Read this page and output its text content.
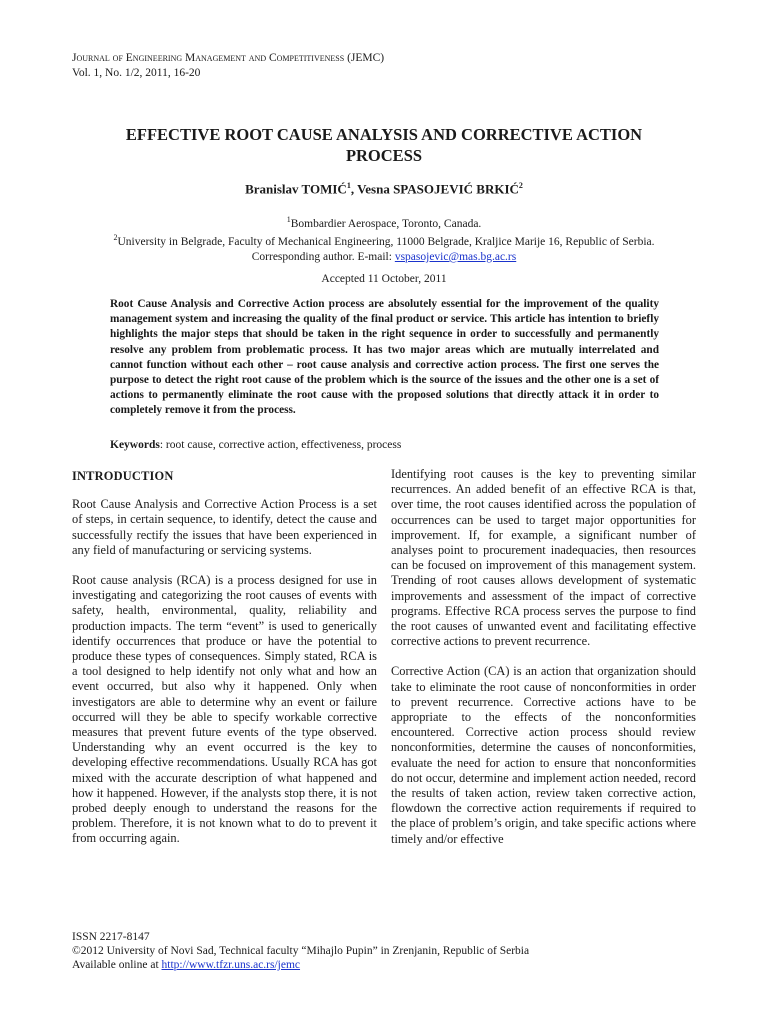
Journal of Engineering Management and Competitiveness (JEMC)
Vol. 1, No. 1/2, 2011, 16-20
EFFECTIVE ROOT CAUSE ANALYSIS AND CORRECTIVE ACTION
PROCESS
Branislav TOMIĆ$^1$, Vesna SPASOJEVIĆ BRKIĆ$^2$
$^1$Bombardier Aerospace, Toronto, Canada.
$^2$University in Belgrade, Faculty of Mechanical Engineering, 11000 Belgrade, Kraljice Marije 16, Republic of Serbia.
Corresponding author. E-mail: vspasojevic@mas.bg.ac.rs
Accepted 11 October, 2011

Root Cause Analysis and Corrective Action process are absolutely essential for the improvement of the quality management system and increasing the quality of the final product or service. This article has intention to briefly highlights the major steps that should be taken in the right sequence in order to successfully and permanently resolve any problem from problematic process. It has two major areas which are mutually interrelated and cannot function without each other – root cause analysis and corrective action process. The first one serves the purpose to detect the right root cause of the problem which is the source of the issues and the other one is a set of actions to permanently eliminate the root cause with the proposed solutions that directly attack it in order to completely remove it from the process.

Keywords: root cause, corrective action, effectiveness, process

INTRODUCTION

Root Cause Analysis and Corrective Action Process is a set of steps, in certain sequence, to identify, detect the cause and successfully rectify the issues that have been experienced in any field of manufacturing or servicing systems.

Root cause analysis (RCA) is a process designed for use in investigating and categorizing the root causes of events with safety, health, environmental, quality, reliability and production impacts. The term “event” is used to generically identify occurrences that produce or have the potential to produce these types of consequences. Simply stated, RCA is a tool designed to help identify not only what and how an event occurred, but also why it happened. Only when investigators are able to determine why an event or failure occurred will they be able to specify workable corrective measures that prevent future events of the type observed. Understanding why an event occurred is the key to developing effective recommendations. Usually RCA has got mixed with the accurate description of what happened and how it happened. However, if the analysts stop there, it is not probed deeply enough to understand the reasons for the problem. Therefore, it is not known what to do to prevent it from occurring again.

Identifying root causes is the key to preventing similar recurrences. An added benefit of an effective RCA is that, over time, the root causes identified across the population of occurrences can be used to target major opportunities for improvement. If, for example, a significant number of analyses point to procurement inadequacies, then resources can be focused on improvement of this management system. Trending of root causes allows development of systematic improvements and assessment of the impact of corrective programs. Effective RCA process serves the purpose to find the root causes of unwanted event and facilitating effective corrective actions to prevent recurrence.

Corrective Action (CA) is an action that organization should take to eliminate the root cause of nonconformities in order to prevent recurrence. Corrective actions have to be appropriate to the effects of the nonconformities encountered. Corrective action process should review nonconformities, determine the causes of nonconformities, evaluate the need for action to ensure that nonconformities do not occur, determine and implement action needed, record the results of taken action, review taken corrective action, flowdown the corrective action requirements if required to the place of problem’s origin, and take specific actions where timely and/or effective

ISSN 2217-8147
©2012 University of Novi Sad, Technical faculty “Mihajlo Pupin” in Zrenjanin, Republic of Serbia
Available online at http://www.tfzr.uns.ac.rs/jemc
